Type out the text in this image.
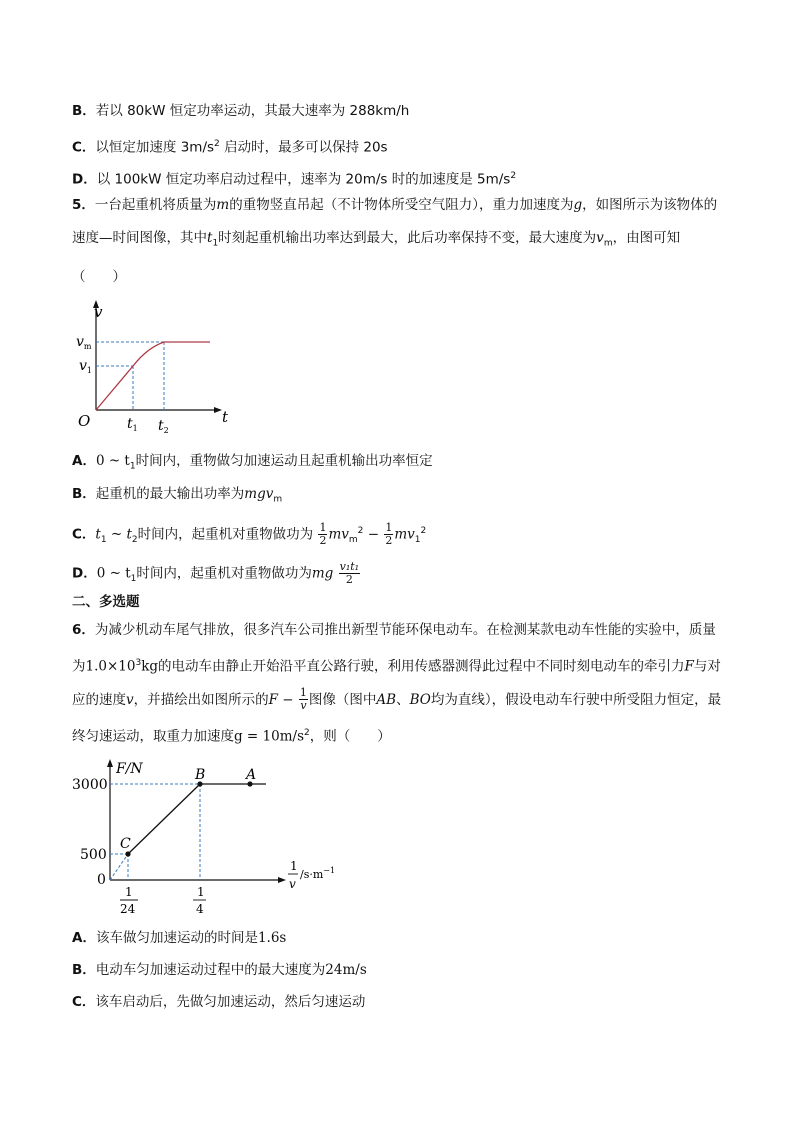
B．若以 80kW 恒定功率运动，其最大速率为 288km/h
C．以恒定加速度 $3m/s^2$ 启动时，最多可以保持 20s
D．以 100kW 恒定功率启动过程中，速率为 20m/s 时的加速度是 $5m/s^2$
5．一台起重机将质量为m的重物竖直吊起（不计物体所受空气阻力），重力加速度为g，如图所示为该物体的速度—时间图像，其中$t_1$时刻起重机输出功率达到最大，此后功率保持不变，最大速度为$v_m$，由图可知（　　）
v
t
O
$v_m$
$v_1$
$t_1$ $t_2$
A．0 ~ $t_1$时间内，重物做匀加速运动且起重机输出功率恒定
B．起重机的最大输出功率为mgv$_m$
C．$t_1$ ~ $t_2$时间内，起重机对重物做功为 $\frac{1}{2} mv_m^2 - \frac{1}{2} mv_1^2$
D．0 ~ $t_1$时间内，起重机对重物做功为mg $\frac{\text{v₁t₁}}{2}$
二、多选题
6．为减少机动车尾气排放，很多汽车公司推出新型节能环保电动车。在检测某款电动车性能的实验中，质量为$1.0\times 10^3kg$的电动车由静止开始沿平直公路行驶，利用传感器测得此过程中不同时刻电动车的牵引力F与对应的速度v，并描绘出如图所示的$F - \frac{1}{v}$ 图像（图中AB、BO均为直线），假设电动车行驶中所受阻力恒定，最终匀速运动，取重力加速度$g = 10m/s^2$，则（　　）
F/N
3000
500
0
B	A
C
1
v
$/s\cdot m^{-1}$
1
24
1
4
A．该车做匀加速运动的时间是1.6s
B．电动车匀加速运动过程中的最大速度为24m/s
C．该车启动后，先做匀加速运动，然后匀速运动
